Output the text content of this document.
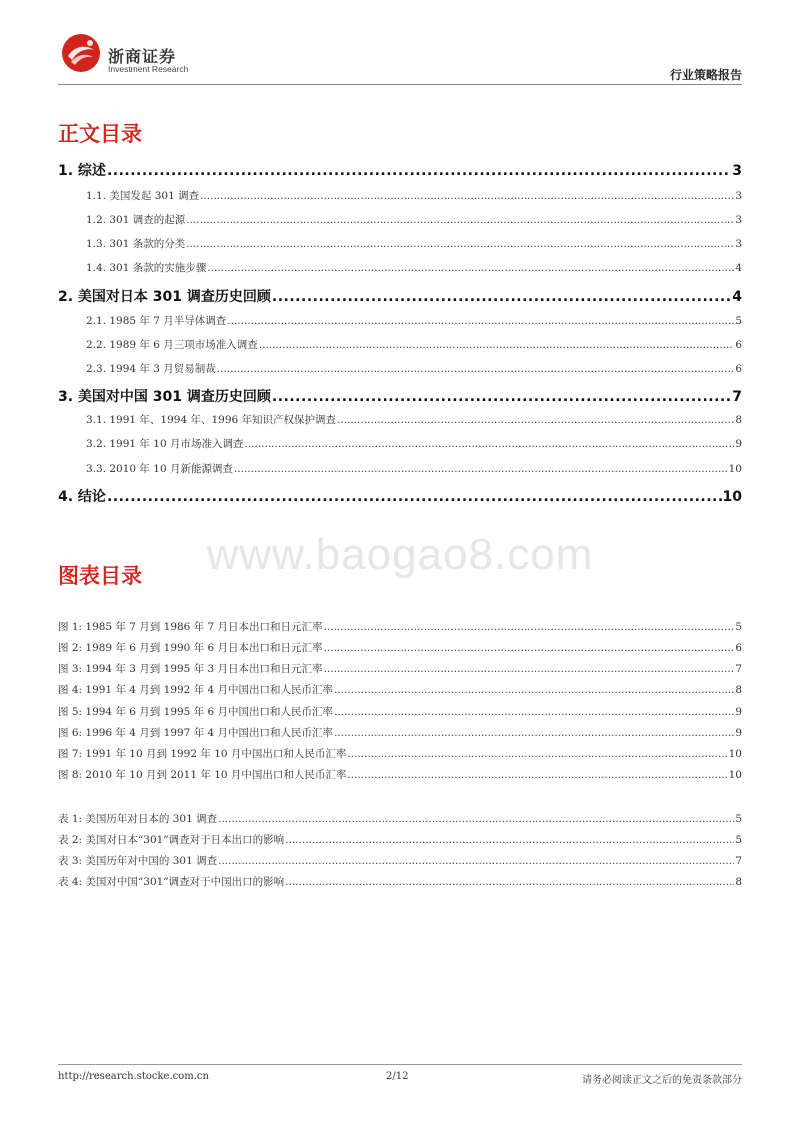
浙商证券
Investment Research	行业策略报告
正文目录
1. 综述 .....	3
1.1. 美国发起 301 调查 .....	3
1.2. 301 调查的起源 .....	3
1.3. 301 条款的分类 .....	3
1.4. 301 条款的实施步骤 .....	4
2. 美国对日本 301 调查历史回顾 .....	4
2.1. 1985 年 7 月半导体调查 .....	5
2.2. 1989 年 6 月三项市场准入调查 .....	6
2.3. 1994 年 3 月贸易制裁 .....	6
3. 美国对中国 301 调查历史回顾 .....	7
3.1. 1991 年、1994 年、1996 年知识产权保护调查 .....	8
3.2. 1991 年 10 月市场准入调查 .....	9
3.3. 2010 年 10 月新能源调查 .....	10
4. 结论 .....	10
www.baogao8.com
图表目录
图 1: 1985 年 7 月到 1986 年 7 月日本出口和日元汇率 .....	5
图 2: 1989 年 6 月到 1990 年 6 月日本出口和日元汇率 .....	6
图 3: 1994 年 3 月到 1995 年 3 月日本出口和日元汇率 .....	7
图 4: 1991 年 4 月到 1992 年 4 月中国出口和人民币汇率 .....	8
图 5: 1994 年 6 月到 1995 年 6 月中国出口和人民币汇率 .....	9
图 6: 1996 年 4 月到 1997 年 4 月中国出口和人民币汇率 .....	9
图 7: 1991 年 10 月到 1992 年 10 月中国出口和人民币汇率 .....	10
图 8: 2010 年 10 月到 2011 年 10 月中国出口和人民币汇率 .....	10
表 1: 美国历年对日本的 301 调查 .....	5
表 2: 美国对日本“301”调查对于日本出口的影响 .....	5
表 3: 美国历年对中国的 301 调查 .....	7
表 4: 美国对中国“301”调查对于中国出口的影响 .....	8
http://research.stocke.com.cn	2/12	请务必阅读正文之后的免责条款部分
